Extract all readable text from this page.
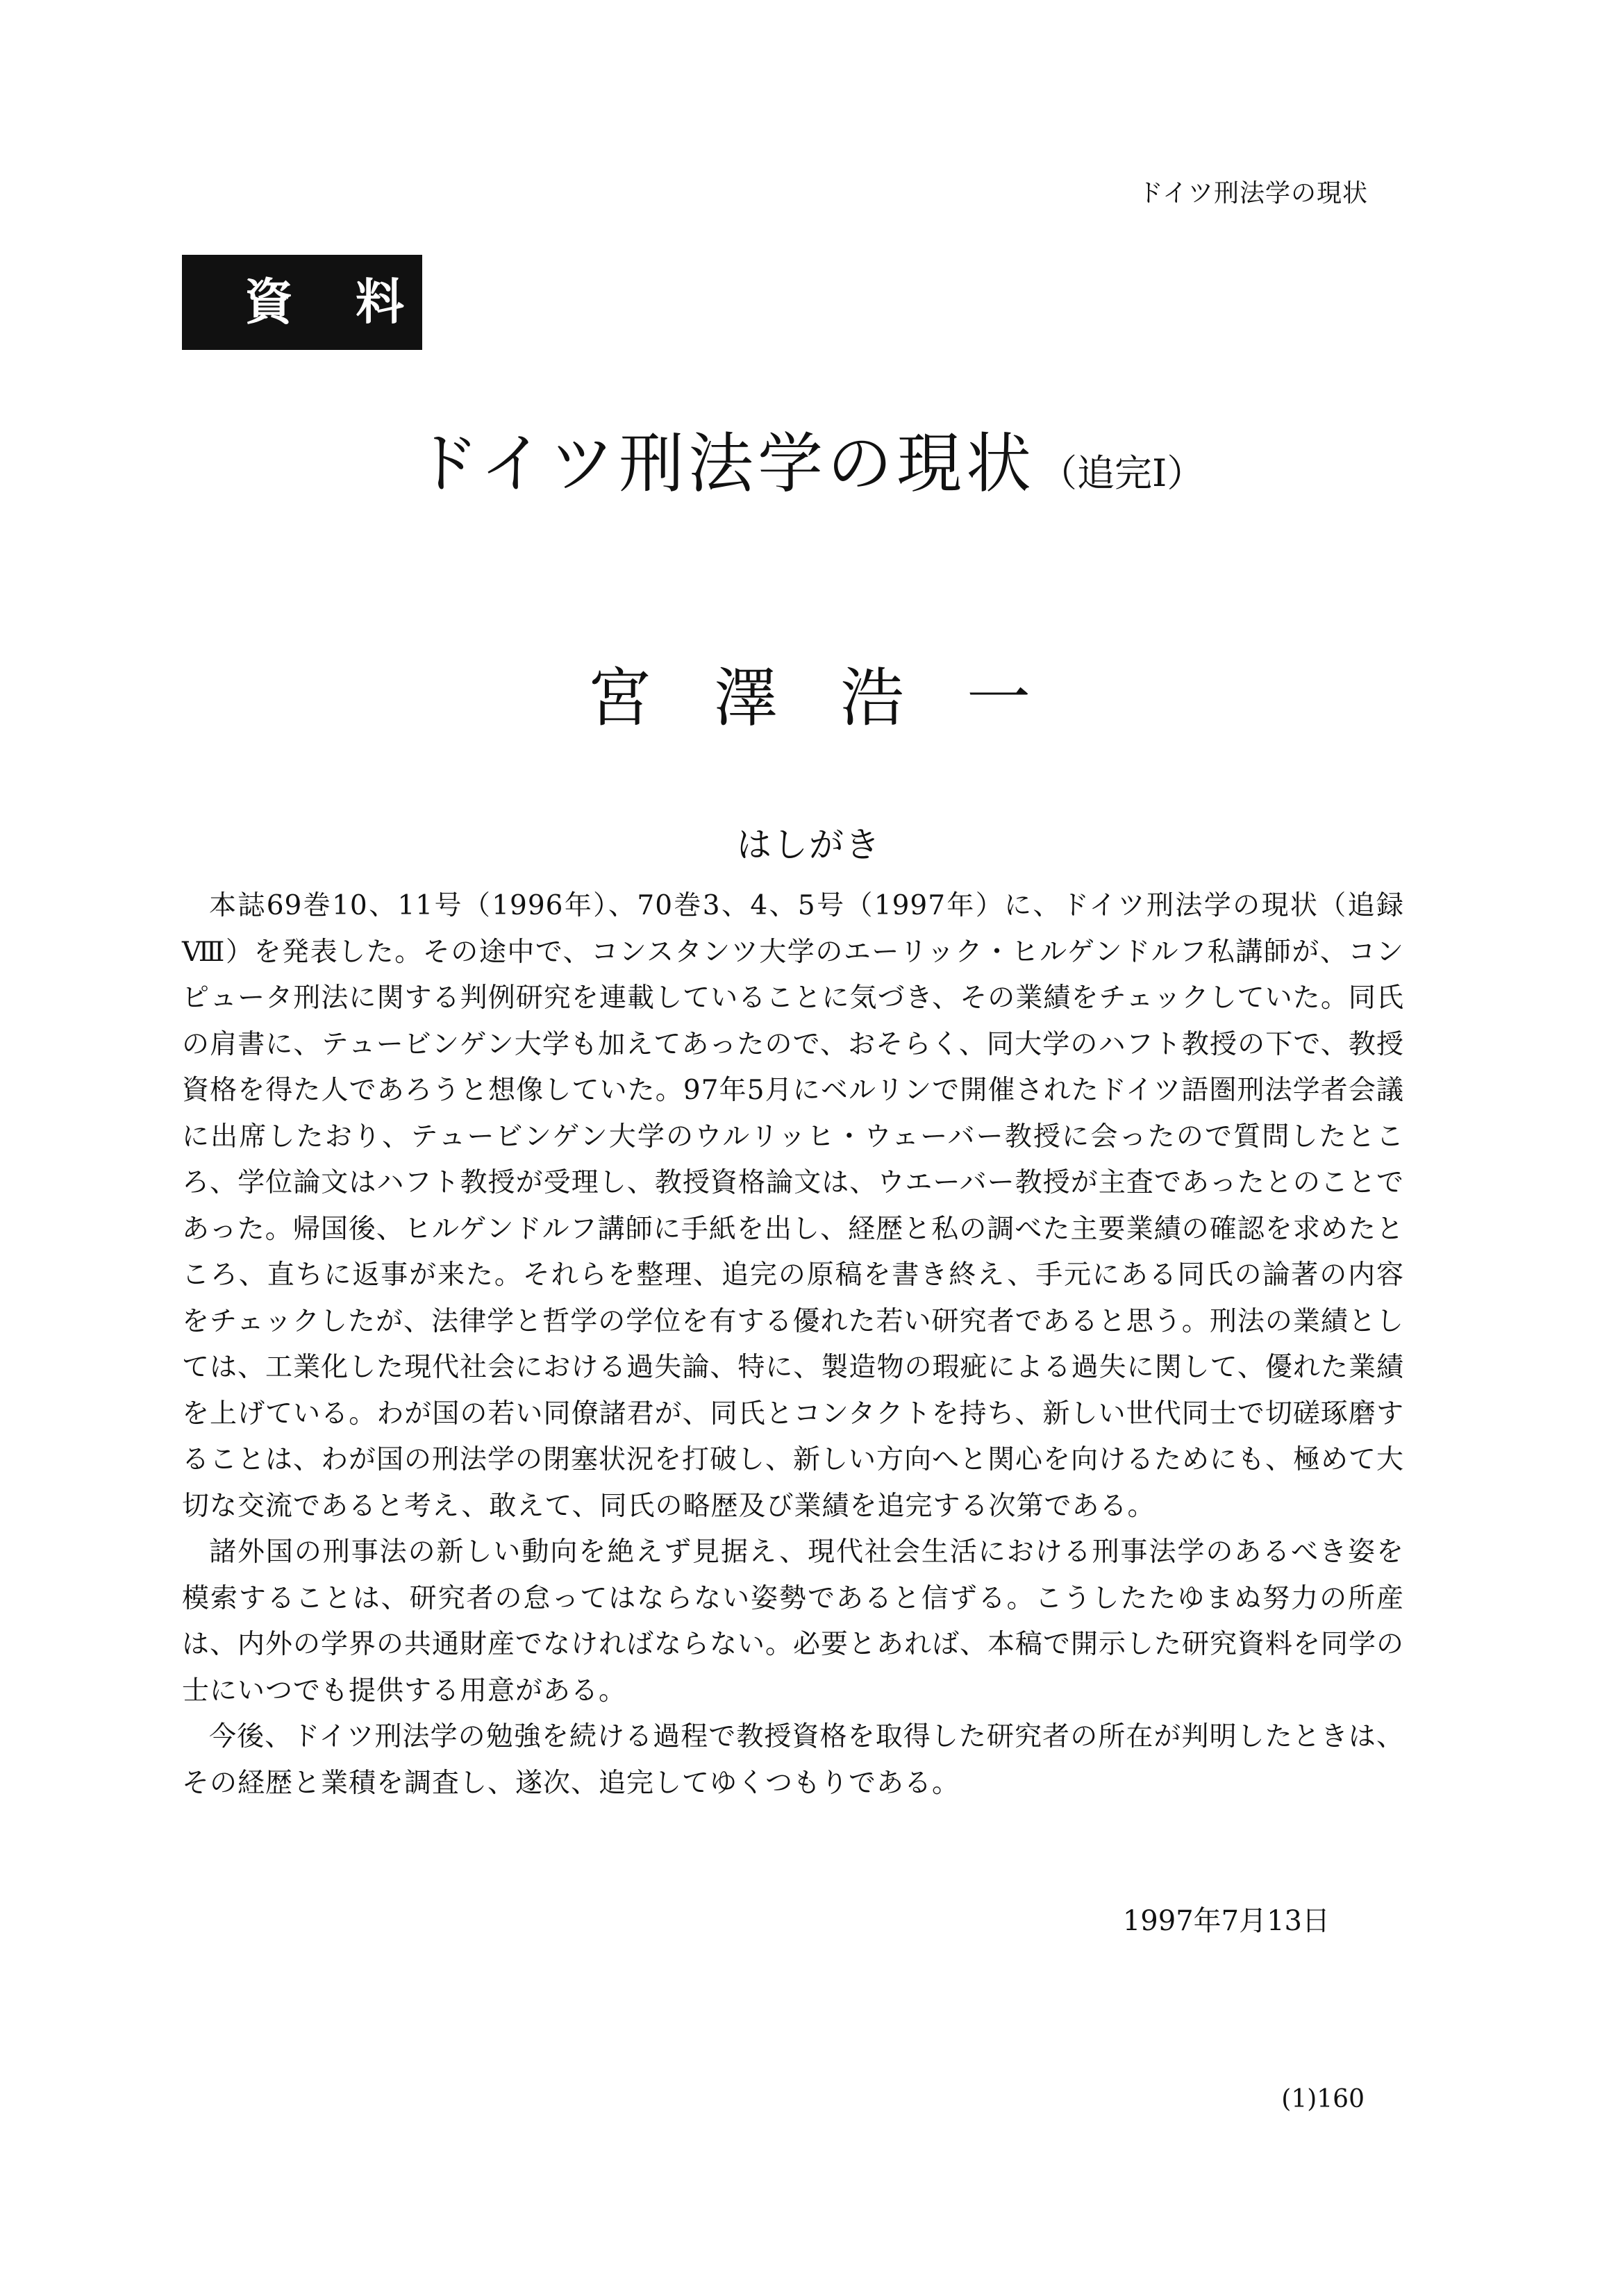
ドイツ刑法学の現状
資料
ドイツ刑法学の現状 （追完Ⅰ）
宮澤浩一
はしがき

本誌69巻10、11号（1996年）、70巻3、4、5号（1997年）に、ドイツ刑法学の現状（追録Ⅷ）を発表した。その途中で、コンスタンツ大学のエーリック・ヒルゲンドルフ私講師が、コンピュータ刑法に関する判例研究を連載していることに気づき、その業績をチェックしていた。同氏の肩書に、テュービンゲン大学も加えてあったので、おそらく、同大学のハフト教授の下で、教授資格を得た人であろうと想像していた。97年5月にベルリンで開催されたドイツ語圏刑法学者会議に出席したおり、テュービンゲン大学のウルリッヒ・ウェーバー教授に会ったので質問したところ、学位論文はハフト教授が受理し、教授資格論文は、ウエーバー教授が主査であったとのことであった。帰国後、ヒルゲンドルフ講師に手紙を出し、経歴と私の調べた主要業績の確認を求めたところ、直ちに返事が来た。それらを整理、追完の原稿を書き終え、手元にある同氏の論著の内容をチェックしたが、法律学と哲学の学位を有する優れた若い研究者であると思う。刑法の業績としては、工業化した現代社会における過失論、特に、製造物の瑕疵による過失に関して、優れた業績を上げている。わが国の若い同僚諸君が、同氏とコンタクトを持ち、新しい世代同士で切磋琢磨することは、わが国の刑法学の閉塞状況を打破し、新しい方向へと関心を向けるためにも、極めて大切な交流であると考え、敢えて、同氏の略歴及び業績を追完する次第である。

諸外国の刑事法の新しい動向を絶えず見据え、現代社会生活における刑事法学のあるべき姿を模索することは、研究者の怠ってはならない姿勢であると信ずる。こうしたたゆまぬ努力の所産は、内外の学界の共通財産でなければならない。必要とあれば、本稿で開示した研究資料を同学の士にいつでも提供する用意がある。

今後、ドイツ刑法学の勉強を続ける過程で教授資格を取得した研究者の所在が判明したときは、その経歴と業積を調査し、遂次、追完してゆくつもりである。

1997年7月13日
(1)160
